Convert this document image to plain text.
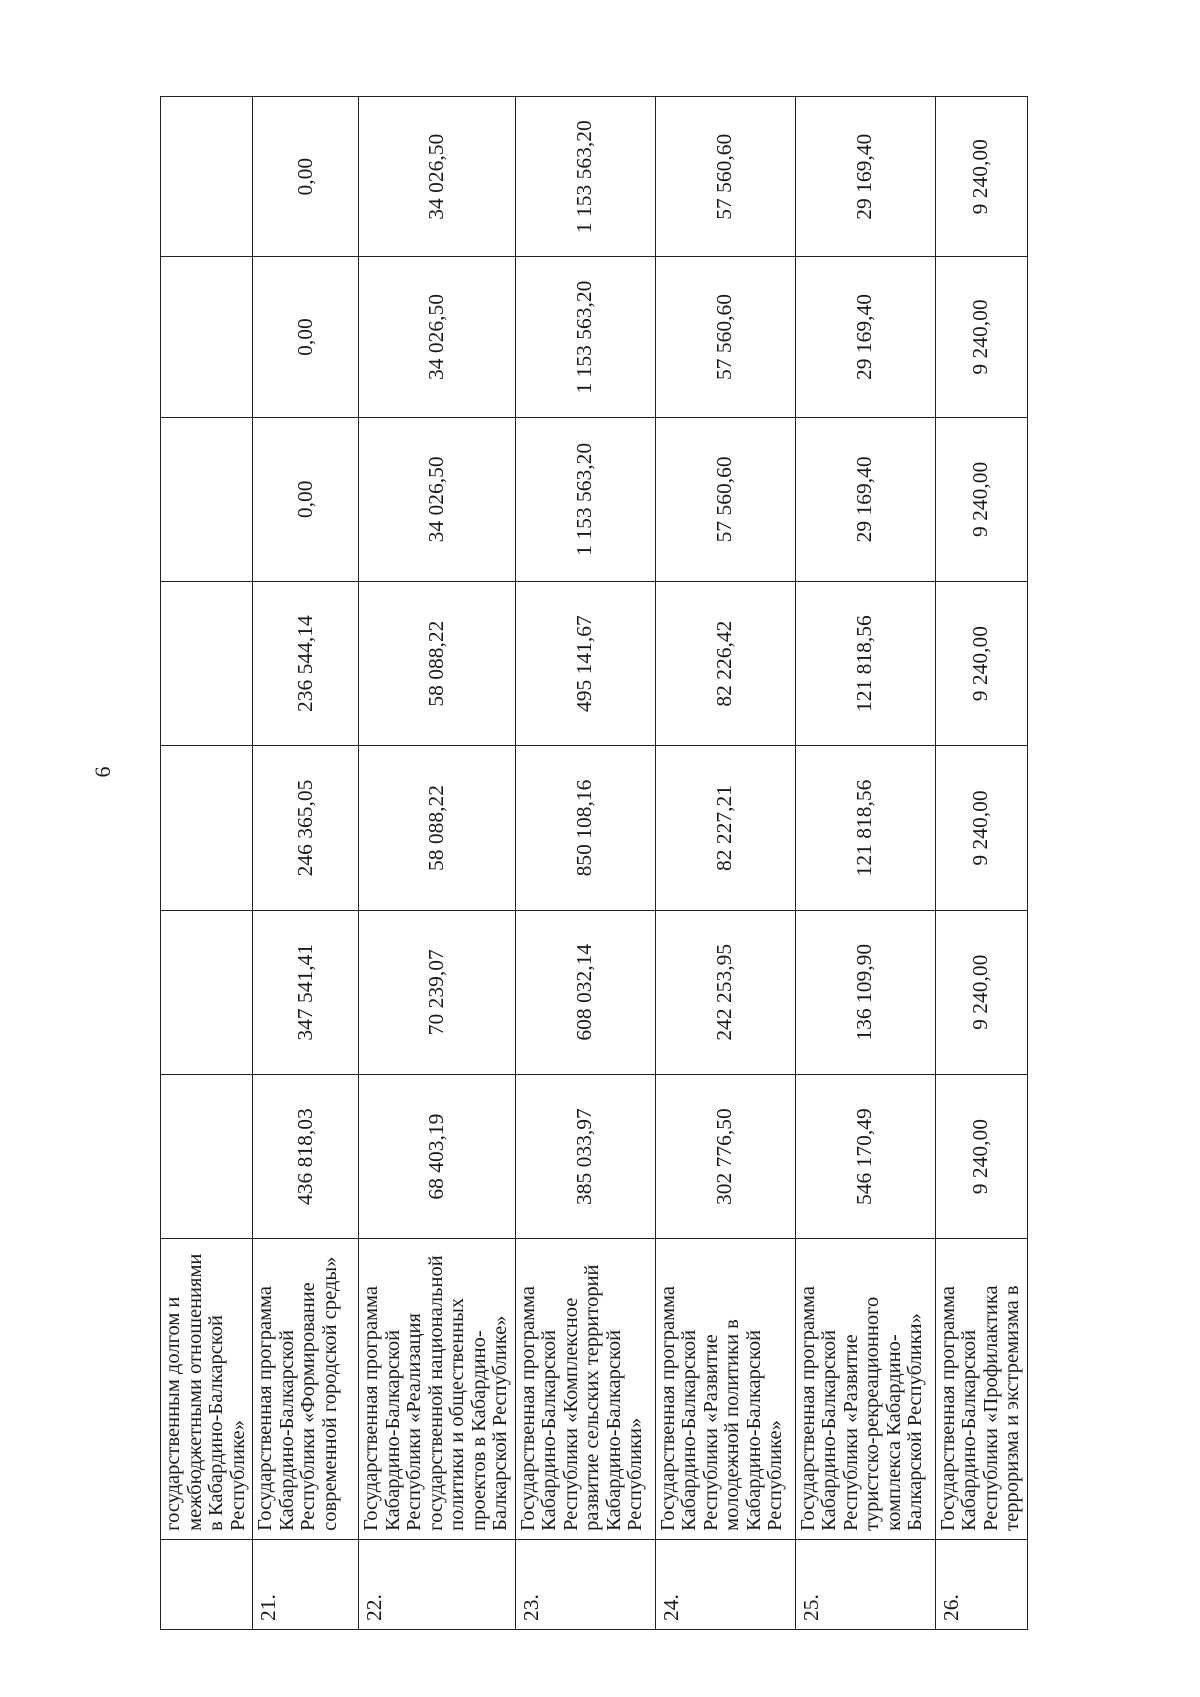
6
	государственным долгом и межбюджетными отношениями в Кабардино-Балкарской Республике»							
21.	Государственная программа Кабардино-Балкарской Республики «Формирование современной городской среды»	436 818,03	347 541,41	246 365,05	236 544,14	0,00	0,00	0,00
22.	Государственная программа Кабардино-Балкарской Республики «Реализация государственной национальной политики и общественных проектов в Кабардино-Балкарской Республике»	68 403,19	70 239,07	58 088,22	58 088,22	34 026,50	34 026,50	34 026,50
23.	Государственная программа Кабардино-Балкарской Республики «Комплексное развитие сельских территорий Кабардино-Балкарской Республики»	385 033,97	608 032,14	850 108,16	495 141,67	1 153 563,20	1 153 563,20	1 153 563,20
24.	Государственная программа Кабардино-Балкарской Республики «Развитие молодежной политики в Кабардино-Балкарской Республике»	302 776,50	242 253,95	82 227,21	82 226,42	57 560,60	57 560,60	57 560,60
25.	Государственная программа Кабардино-Балкарской Республики «Развитие туристско-рекреационного комплекса Кабардино-Балкарской Республики»	546 170,49	136 109,90	121 818,56	121 818,56	29 169,40	29 169,40	29 169,40
26.	Государственная программа Кабардино-Балкарской Республики «Профилактика терроризма и экстремизма в	9 240,00	9 240,00	9 240,00	9 240,00	9 240,00	9 240,00	9 240,00
